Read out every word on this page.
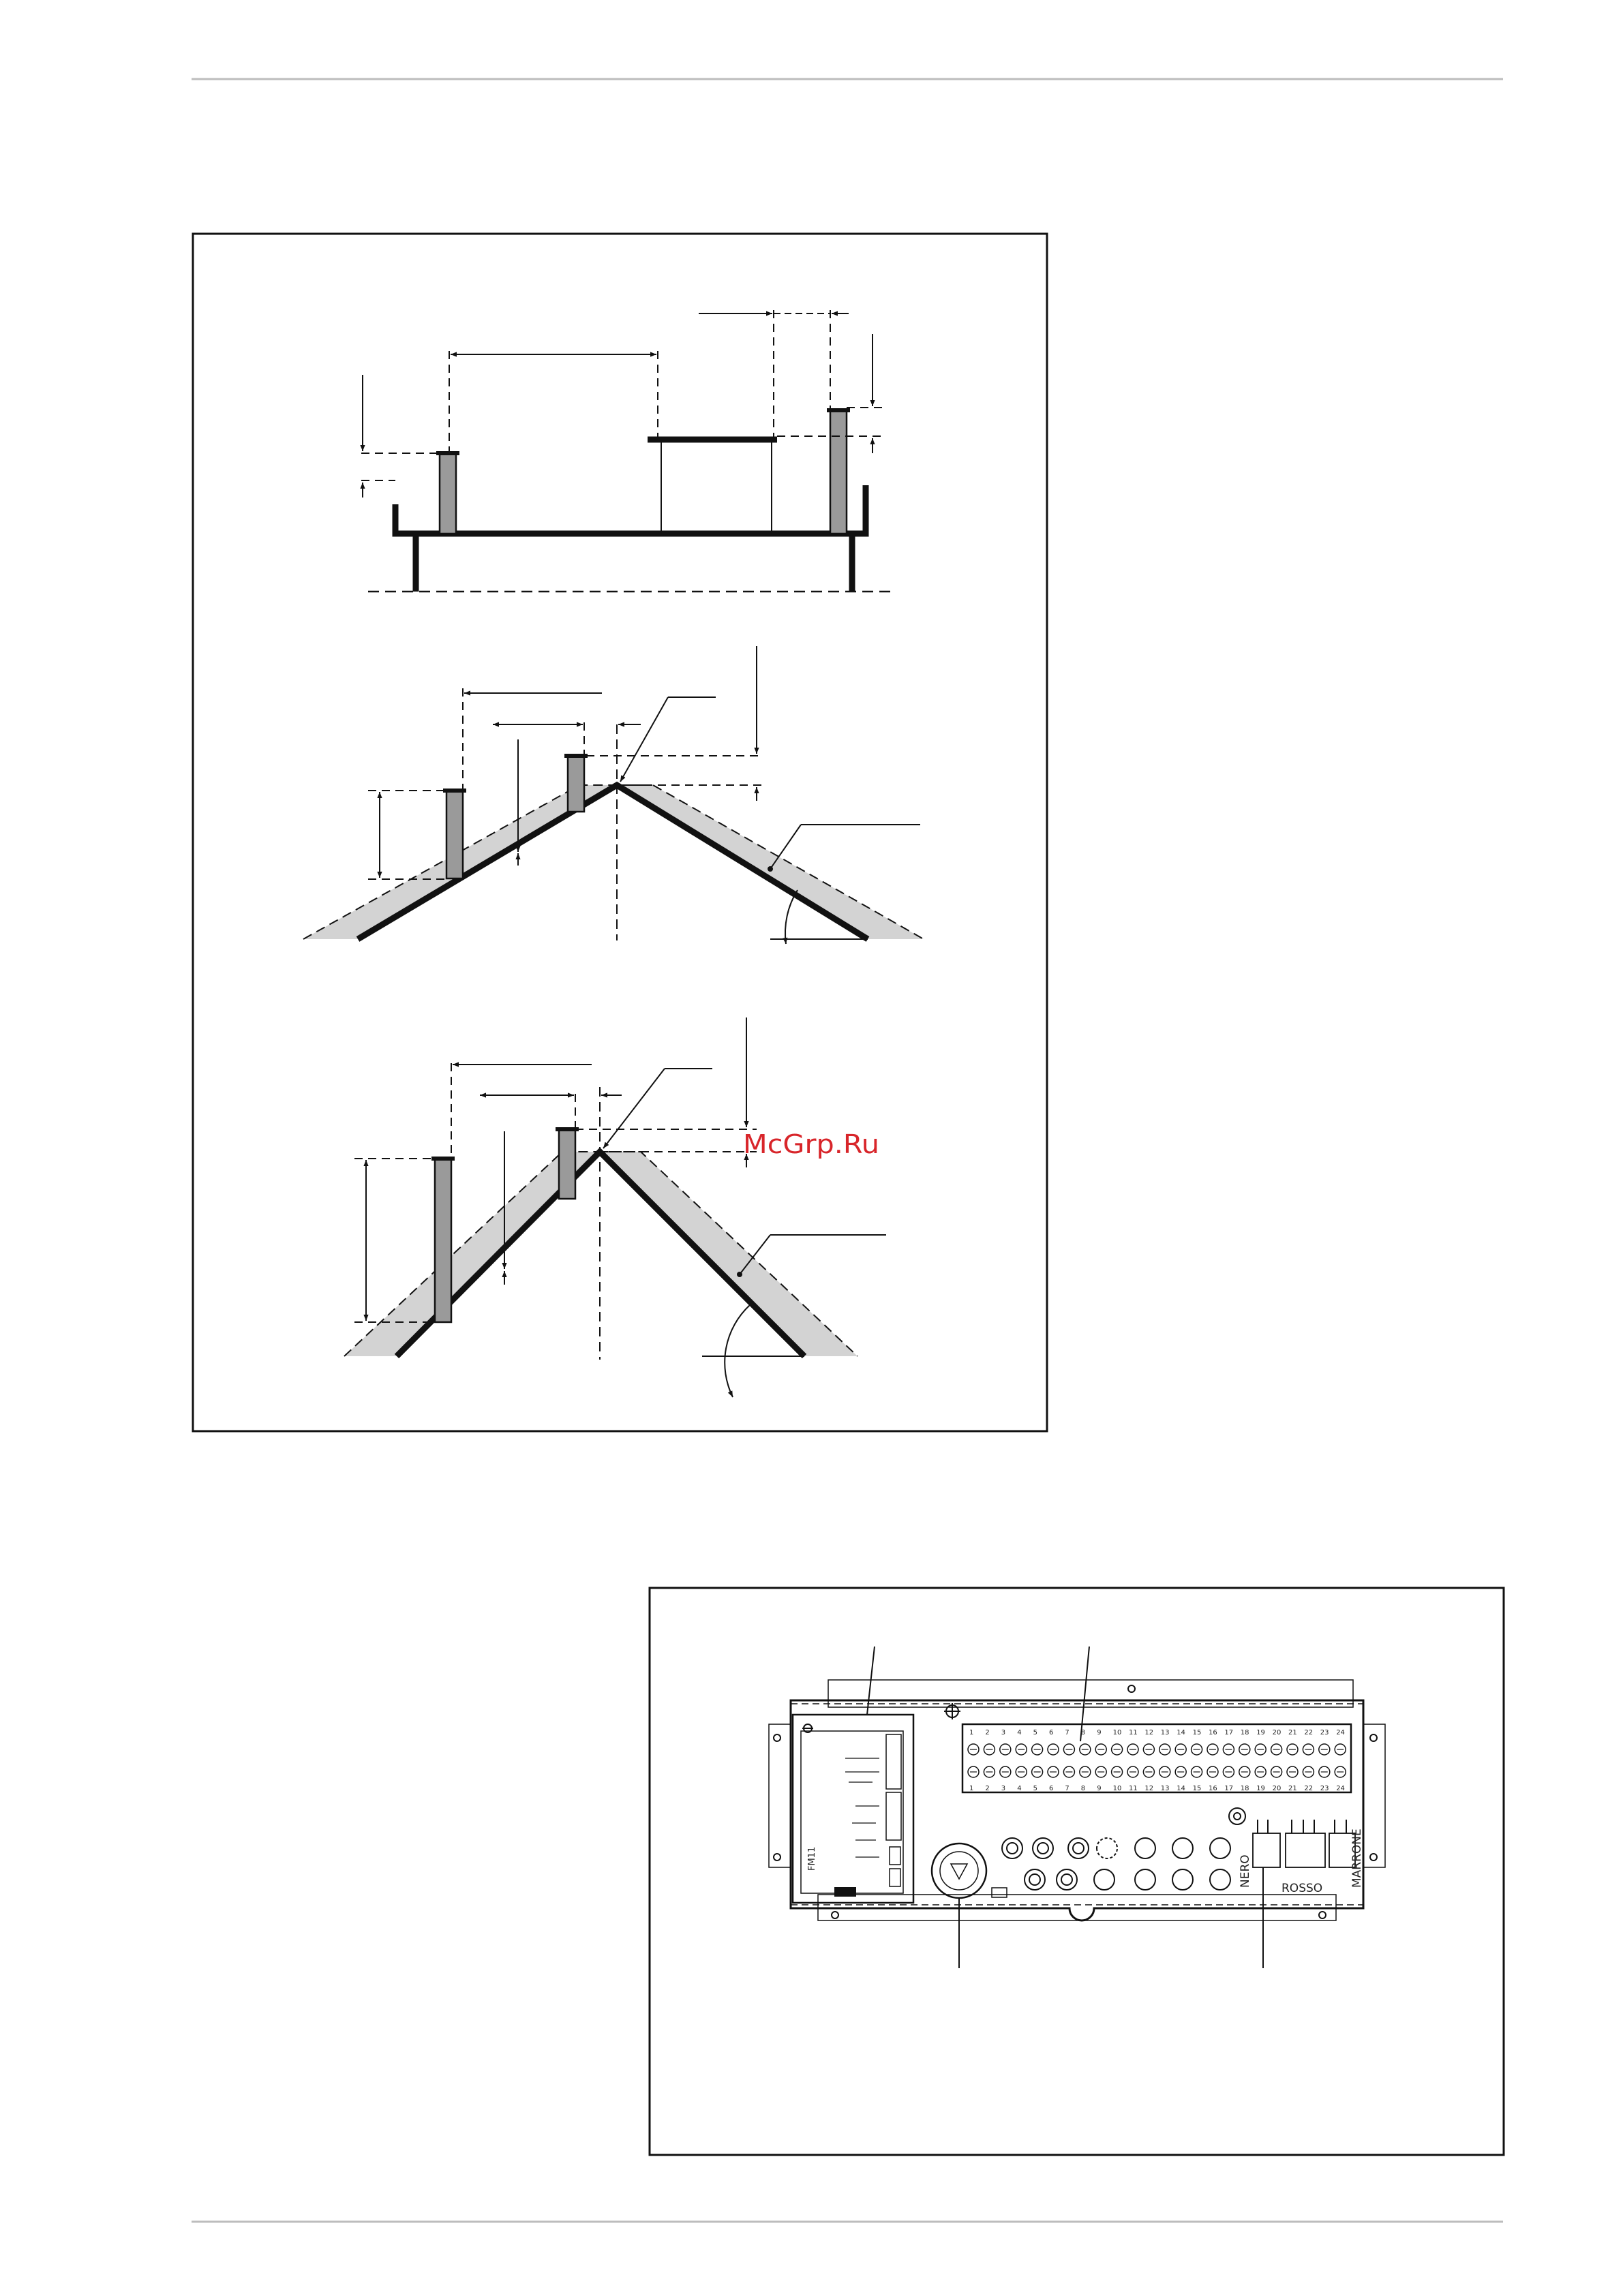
McGrp.Ru
1
1
2
2
3
3
4
4
5
5
6
6
7
7
8
8
9
9
10
10
11
11
12
12
13
13
14
14
15
15
16
16
17
17
18
18
19
19
20
20
21
21
22
22
23
23
24
24
FM11	NERO
ROSSO
MARRONE
